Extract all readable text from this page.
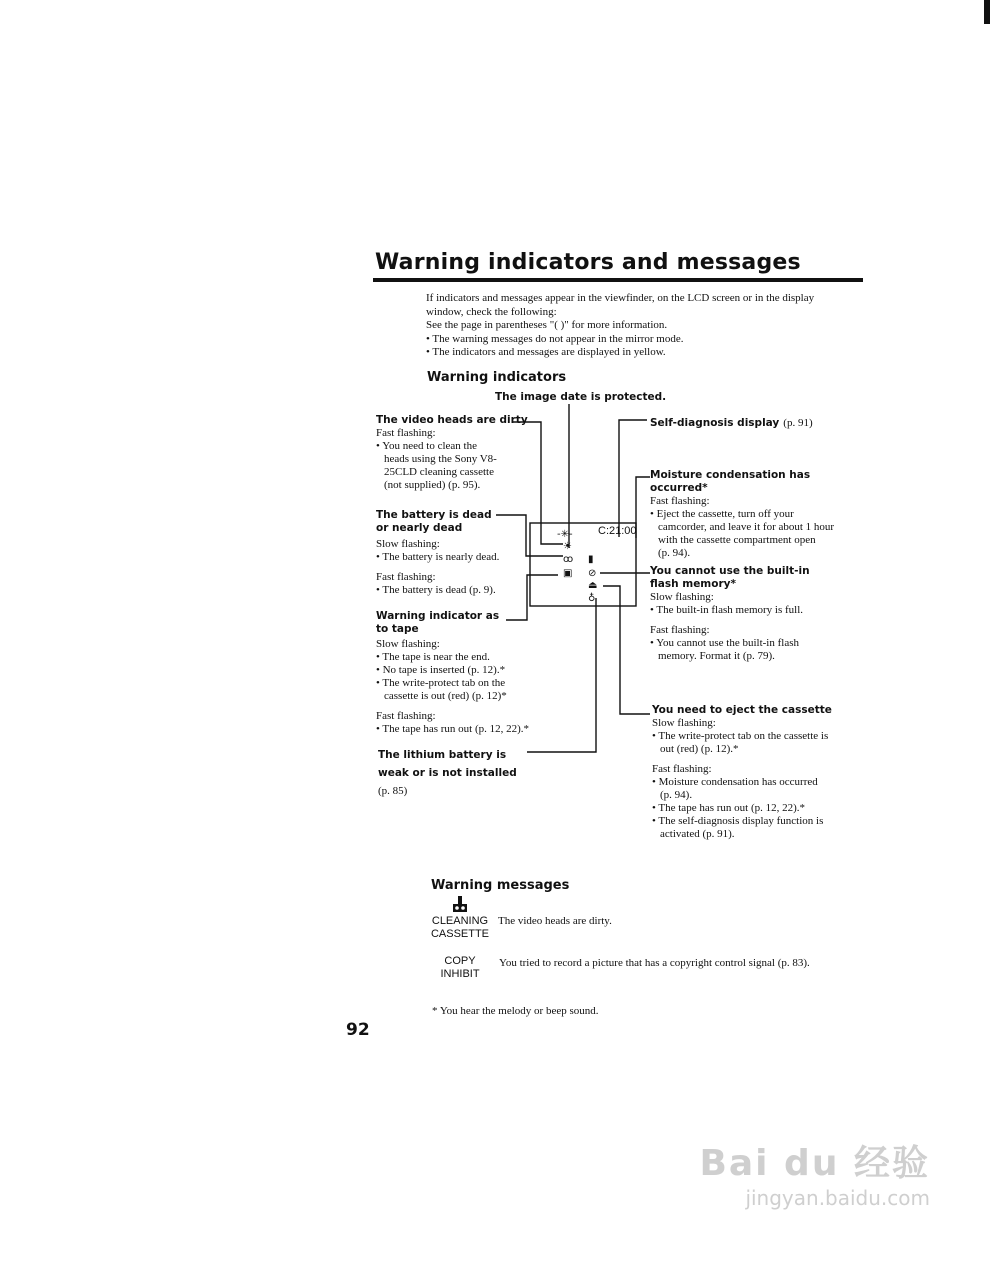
Warning indicators and messages

If indicators and messages appear in the viewfinder, on the LCD screen or in the display window, check the following:

See the page in parentheses "( )" for more information.

• The warning messages do not appear in the mirror mode.

• The indicators and messages are displayed in yellow.

Warning indicators
The image date is protected.
-✳-
☀
ꝏ ▮
▣ ⊘
⏏
♁
C:21:00
The video heads are dirty
Fast flashing:
• You need to clean the
heads using the Sony V8-
25CLD cleaning cassette
(not supplied) (p. 95).
The battery is dead or nearly dead
Slow flashing:
• The battery is nearly dead.
Fast flashing:
• The battery is dead (p. 9).
Warning indicator as to tape
Slow flashing:
• The tape is near the end.
• No tape is inserted (p. 12).*
• The write-protect tab on the
cassette is out (red) (p. 12)*
Fast flashing:
• The tape has run out (p. 12, 22).*
The lithium battery is weak or is not installed (p. 85)
Self-diagnosis display (p. 91)
Moisture condensation has occurred*
Fast flashing:
• Eject the cassette, turn off your
camcorder, and leave it for about 1 hour
with the cassette compartment open
(p. 94).
You cannot use the built-in flash memory*
Slow flashing:
• The built-in flash memory is full.
Fast flashing:
• You cannot use the built-in flash
memory. Format it (p. 79).
You need to eject the cassette
Slow flashing:
• The write-protect tab on the cassette is
out (red) (p. 12).*
Fast flashing:
• Moisture condensation has occurred
(p. 94).
• The tape has run out (p. 12, 22).*
• The self-diagnosis display function is
activated (p. 91).
Warning messages
CLEANING
CASSETTE
The video heads are dirty.
COPY
INHIBIT
You tried to record a picture that has a copyright control signal (p. 83).
* You hear the melody or beep sound.
92
Bai du 经验
jingyan.baidu.com
